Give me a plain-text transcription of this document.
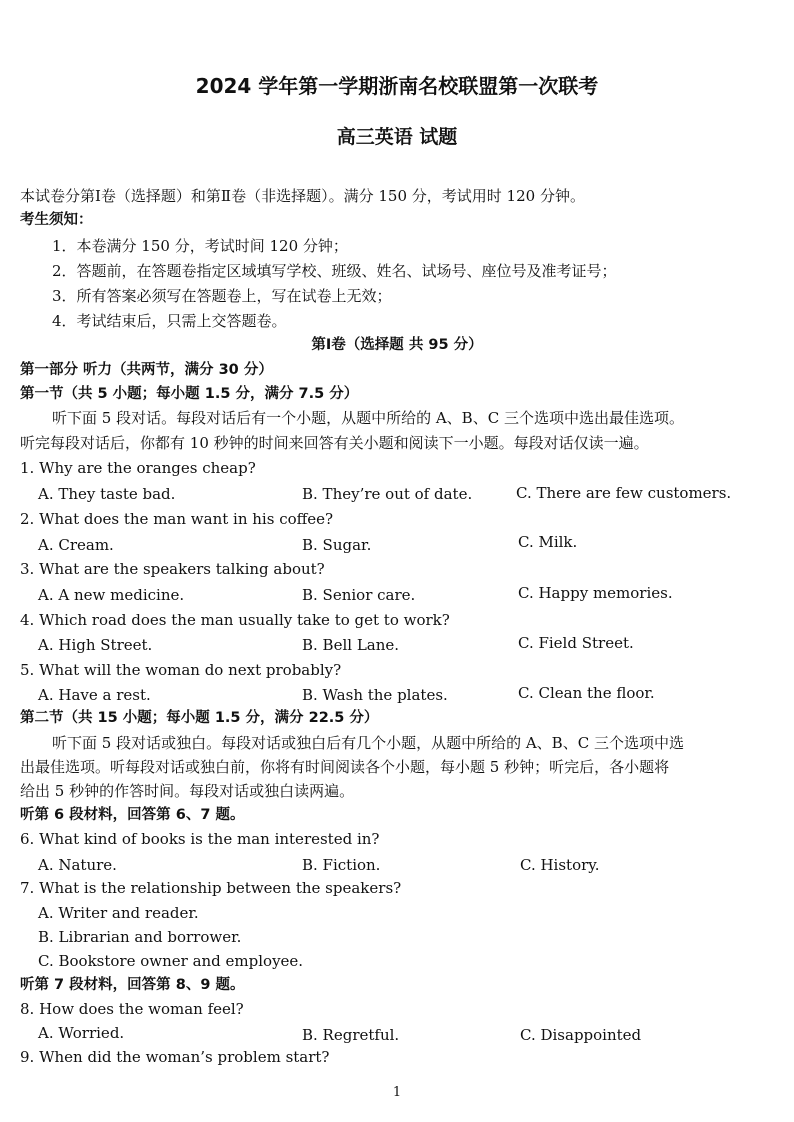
2024 学年第一学期浙南名校联盟第一次联考
高三英语 试题
本试卷分第Ⅰ卷（选择题）和第Ⅱ卷（非选择题）。满分 150 分，考试用时 120 分钟。
考生须知：
1．本卷满分 150 分，考试时间 120 分钟；
2．答题前，在答题卷指定区域填写学校、班级、姓名、试场号、座位号及准考证号；
3．所有答案必须写在答题卷上，写在试卷上无效；
4．考试结束后，只需上交答题卷。
第Ⅰ卷（选择题 共 95 分）
第一部分 听力（共两节，满分 30 分）
第一节（共 5 小题；每小题 1.5 分，满分 7.5 分）
听下面 5 段对话。每段对话后有一个小题，从题中所给的 A、B、C 三个选项中选出最佳选项。
听完每段对话后，你都有 10 秒钟的时间来回答有关小题和阅读下一小题。每段对话仅读一遍。
1. Why are the oranges cheap?
A. They taste bad.	B. They’re out of date.	C. There are few customers.
2. What does the man want in his coffee?
A. Cream.	B. Sugar.	C. Milk.
3. What are the speakers talking about?
A. A new medicine.	B. Senior care.	C. Happy memories.
4. Which road does the man usually take to get to work?
A. High Street.	B. Bell Lane.	C. Field Street.
5. What will the woman do next probably?
A. Have a rest.	B. Wash the plates.	C. Clean the floor.
第二节（共 15 小题；每小题 1.5 分，满分 22.5 分）
听下面 5 段对话或独白。每段对话或独白后有几个小题，从题中所给的 A、B、C 三个选项中选
出最佳选项。听每段对话或独白前，你将有时间阅读各个小题，每小题 5 秒钟；听完后，各小题将
给出 5 秒钟的作答时间。每段对话或独白读两遍。
听第 6 段材料，回答第 6、7 题。
6. What kind of books is the man interested in?
A. Nature.	B. Fiction.	C. History.
7. What is the relationship between the speakers?
A. Writer and reader.
B. Librarian and borrower.
C. Bookstore owner and employee.
听第 7 段材料，回答第 8、9 题。
8. How does the woman feel?
A. Worried.	B. Regretful.	C. Disappointed
9. When did the woman’s problem start?
1
